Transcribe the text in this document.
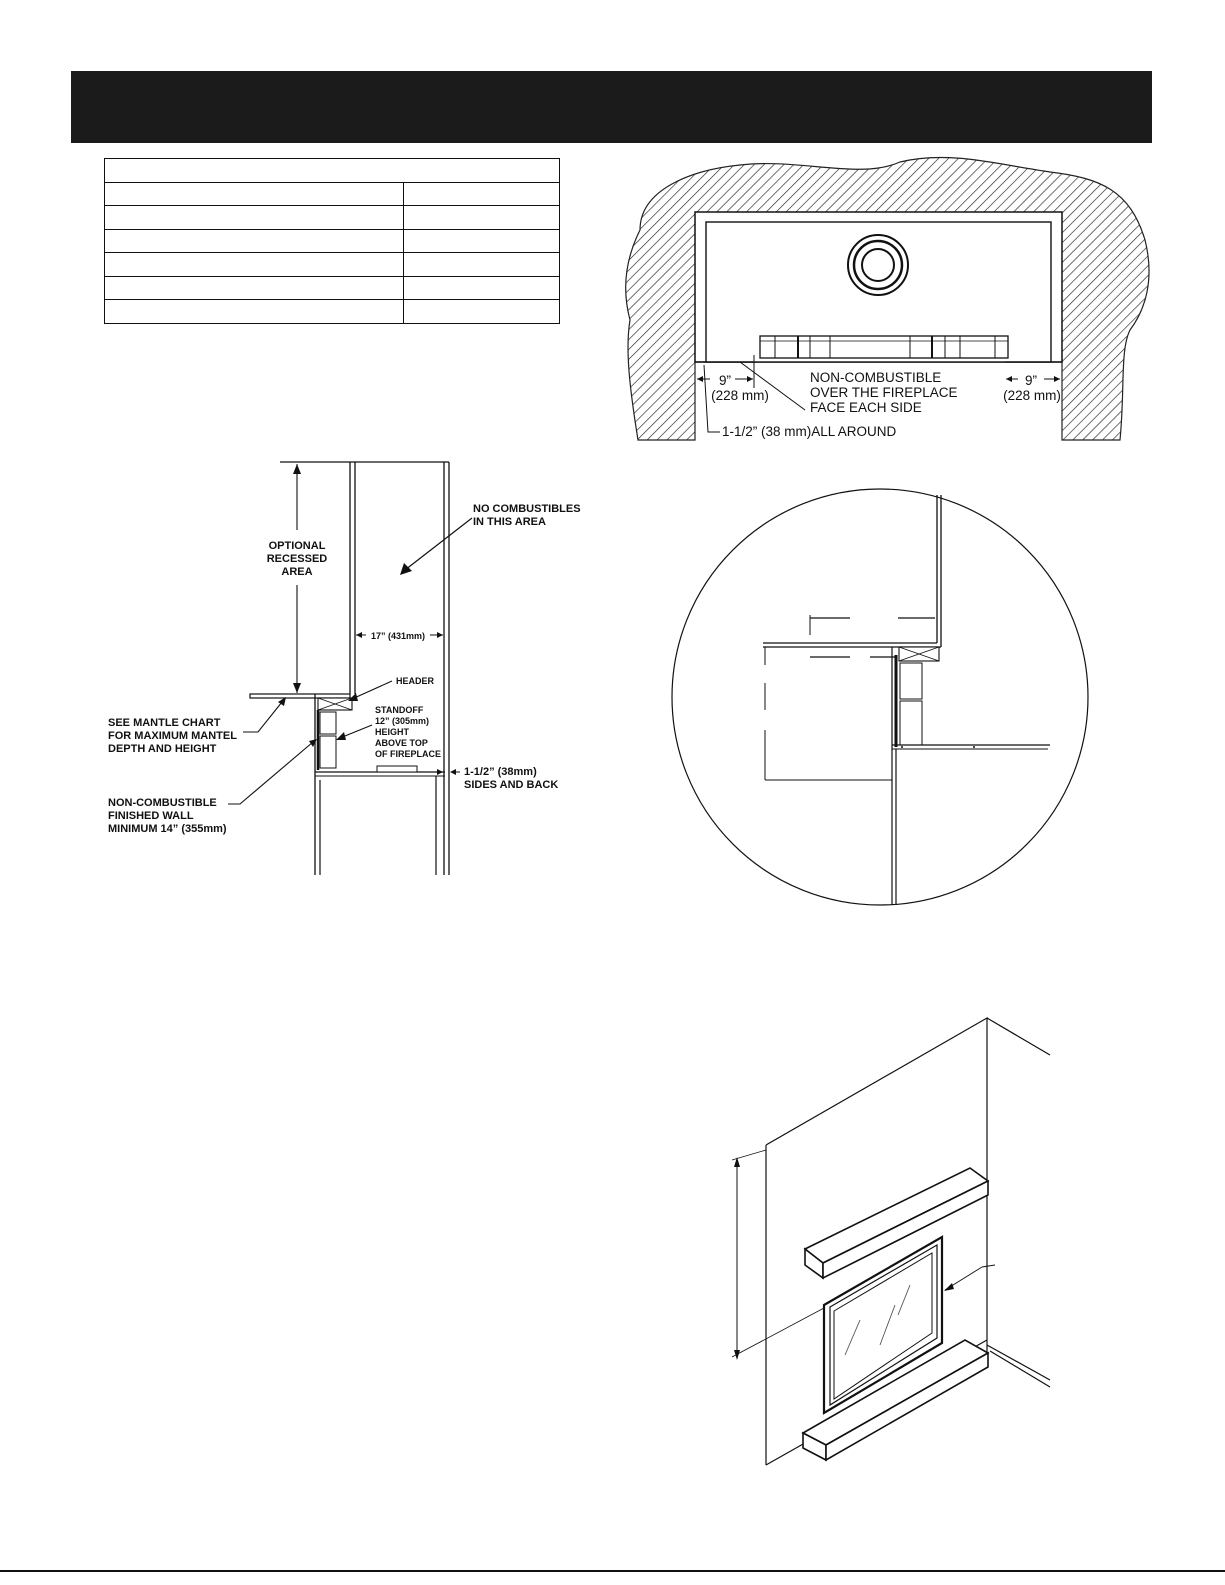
9”
(228 mm)
9”
(228 mm)
NON-COMBUSTIBLE
OVER THE FIREPLACE
FACE EACH SIDE
1-1/2” (38 mm)ALL AROUND
OPTIONAL
RECESSED
AREA
NO COMBUSTIBLES
IN THIS AREA
17” (431mm)
HEADER
STANDOFF
12” (305mm)
HEIGHT
ABOVE TOP
OF FIREPLACE
SEE MANTLE CHART
FOR MAXIMUM MANTEL
DEPTH AND HEIGHT
1-1/2” (38mm)
SIDES AND BACK
NON-COMBUSTIBLE
FINISHED WALL
MINIMUM 14” (355mm)
